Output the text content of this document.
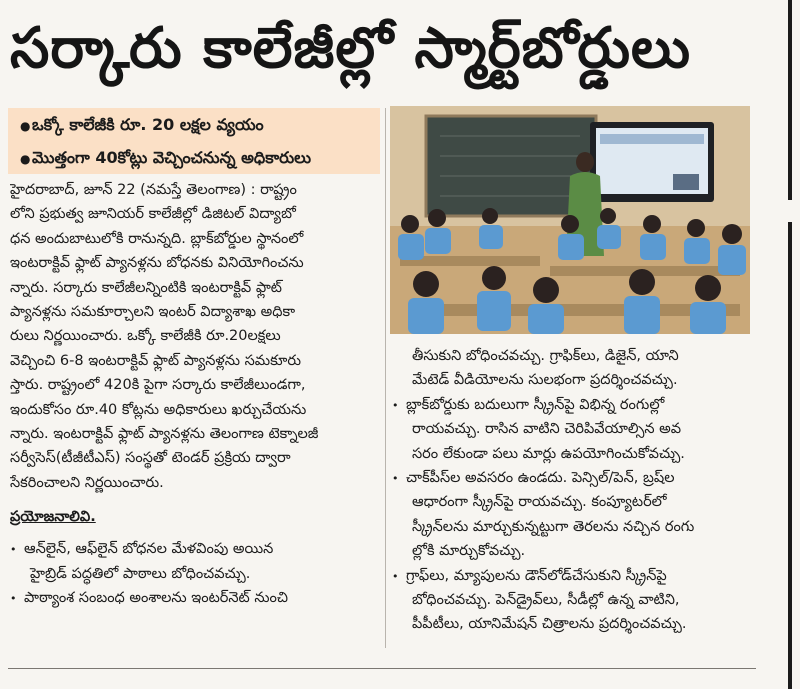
సర్కారు కాలేజీల్లో స్మార్ట్‌బోర్డులు
●ఒక్కో కాలేజీకి రూ. 20 లక్షల వ్యయం
●మొత్తంగా 40కోట్లు వెచ్చించనున్న అధికారులు
హైదరాబాద్, జూన్ 22 (నమస్తే తెలంగాణ) : రాష్ట్రం
లోని ప్రభుత్వ జూనియర్ కాలేజీల్లో డిజిటల్ విద్యాబో
ధన అందుబాటులోకి రానున్నది. బ్లాక్‌బోర్డుల స్థానంలో
ఇంటరాక్టివ్ ఫ్లాట్ ప్యానళ్లను బోధనకు వినియోగించను
న్నారు. సర్కారు కాలేజీలన్నింటికి ఇంటరాక్టివ్ ఫ్లాట్
ప్యానళ్లను సమకూర్చాలని ఇంటర్ విద్యాశాఖ అధికా
రులు నిర్ణయించారు. ఒక్కో కాలేజీకి రూ.20లక్షలు
వెచ్చించి 6-8 ఇంటరాక్టివ్ ఫ్లాట్ ప్యానళ్లను సమకూరు
స్తారు. రాష్ట్రంలో 420కి పైగా సర్కారు కాలేజీలుండగా,
ఇందుకోసం రూ.40 కోట్లను అధికారులు ఖర్చుచేయను
న్నారు. ఇంటరాక్టివ్ ఫ్లాట్ ప్యానళ్లను తెలంగాణ టెక్నాలజీ
సర్వీసెస్(టీజీటీఎస్) సంస్థతో టెండర్ ప్రక్రియ ద్వారా
సేకరించాలని నిర్ణయించారు.
ప్రయోజనాలివి.
• ఆన్‌లైన్, ఆఫ్‌లైన్ బోధనల మేళవింపు అయిన
హైబ్రిడ్ పద్ధతిలో పాఠాలు బోధించవచ్చు.
• పాఠ్యాంశ సంబంధ అంశాలను ఇంటర్‌నెట్ నుంచి
తీసుకుని బోధించవచ్చు. గ్రాఫిక్‌లు, డిజైన్, యాని
మేటెడ్ వీడియోలను సులభంగా ప్రదర్శించవచ్చు.
• బ్లాక్‌బోర్డుకు బదులుగా స్క్రీన్‌పై విభిన్న రంగుల్లో
రాయవచ్చు. రాసిన వాటిని చెరిపివేయాల్సిన అవ
సరం లేకుండా పలు మార్లు ఉపయోగించుకోవచ్చు.
• చాక్‌పీస్‌ల అవసరం ఉండదు. పెన్సిల్/పెన్, బ్రష్‌ల
ఆధారంగా స్క్రీన్‌పై రాయవచ్చు. కంప్యూటర్‌లో
స్క్రీన్‌లను మార్చుకున్నట్టుగా తెరలను నచ్చిన రంగు
ల్లోకి మార్చుకోవచ్చు.
• గ్రాఫ్‌లు, మ్యాపులను డౌన్‌లోడ్‌చేసుకుని స్క్రీన్‌పై
బోధించవచ్చు. పెన్‌డ్రైవ్‌లు, సీడీల్లో ఉన్న వాటిని,
పీపీటీలు, యానిమేషన్ చిత్రాలను ప్రదర్శించవచ్చు.
